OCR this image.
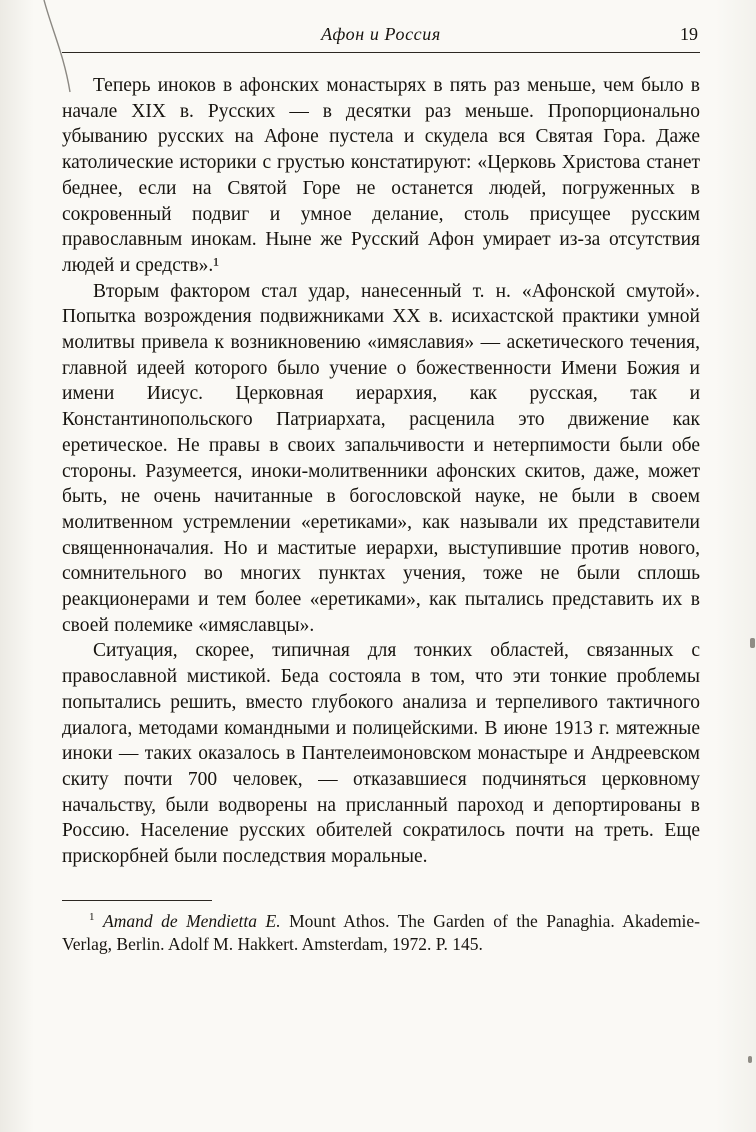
Афон и Россия	19

Теперь иноков в афонских монастырях в пять раз меньше, чем было в начале XIX в. Русских — в десятки раз меньше. Пропорционально убыванию русских на Афоне пустела и скудела вся Святая Гора. Даже католические историки с грустью констатируют: «Церковь Христова станет беднее, если на Святой Горе не останется людей, погруженных в сокровенный подвиг и умное делание, столь присущее русским православным инокам. Ныне же Русский Афон умирает из-за отсутствия людей и средств».¹

Вторым фактором стал удар, нанесенный т. н. «Афонской смутой». Попытка возрождения подвижниками XX в. исихастской практики умной молитвы привела к возникновению «имяславия» — аскетического течения, главной идеей которого было учение о божественности Имени Божия и имени Иисус. Церковная иерархия, как русская, так и Константинопольского Патриархата, расценила это движение как еретическое. Не правы в своих запальчивости и нетерпимости были обе стороны. Разумеется, иноки-молитвенники афонских скитов, даже, может быть, не очень начитанные в богословской науке, не были в своем молитвенном устремлении «еретиками», как называли их представители священноначалия. Но и маститые иерархи, выступившие против нового, сомнительного во многих пунктах учения, тоже не были сплошь реакционерами и тем более «еретиками», как пытались представить их в своей полемике «имяславцы».

Ситуация, скорее, типичная для тонких областей, связанных с православной мистикой. Беда состояла в том, что эти тонкие проблемы попытались решить, вместо глубокого анализа и терпеливого тактичного диалога, методами командными и полицейскими. В июне 1913 г. мятежные иноки — таких оказалось в Пантелеимоновском монастыре и Андреевском скиту почти 700 человек, — отказавшиеся подчиняться церковному начальству, были водворены на присланный пароход и депортированы в Россию. Население русских обителей сократилось почти на треть. Еще прискорбней были последствия моральные.

$^1$ Amand de Mendietta E. Mount Athos. The Garden of the Panaghia. Akademie-Verlag, Berlin. Adolf M. Hakkert. Amsterdam, 1972. P. 145.
